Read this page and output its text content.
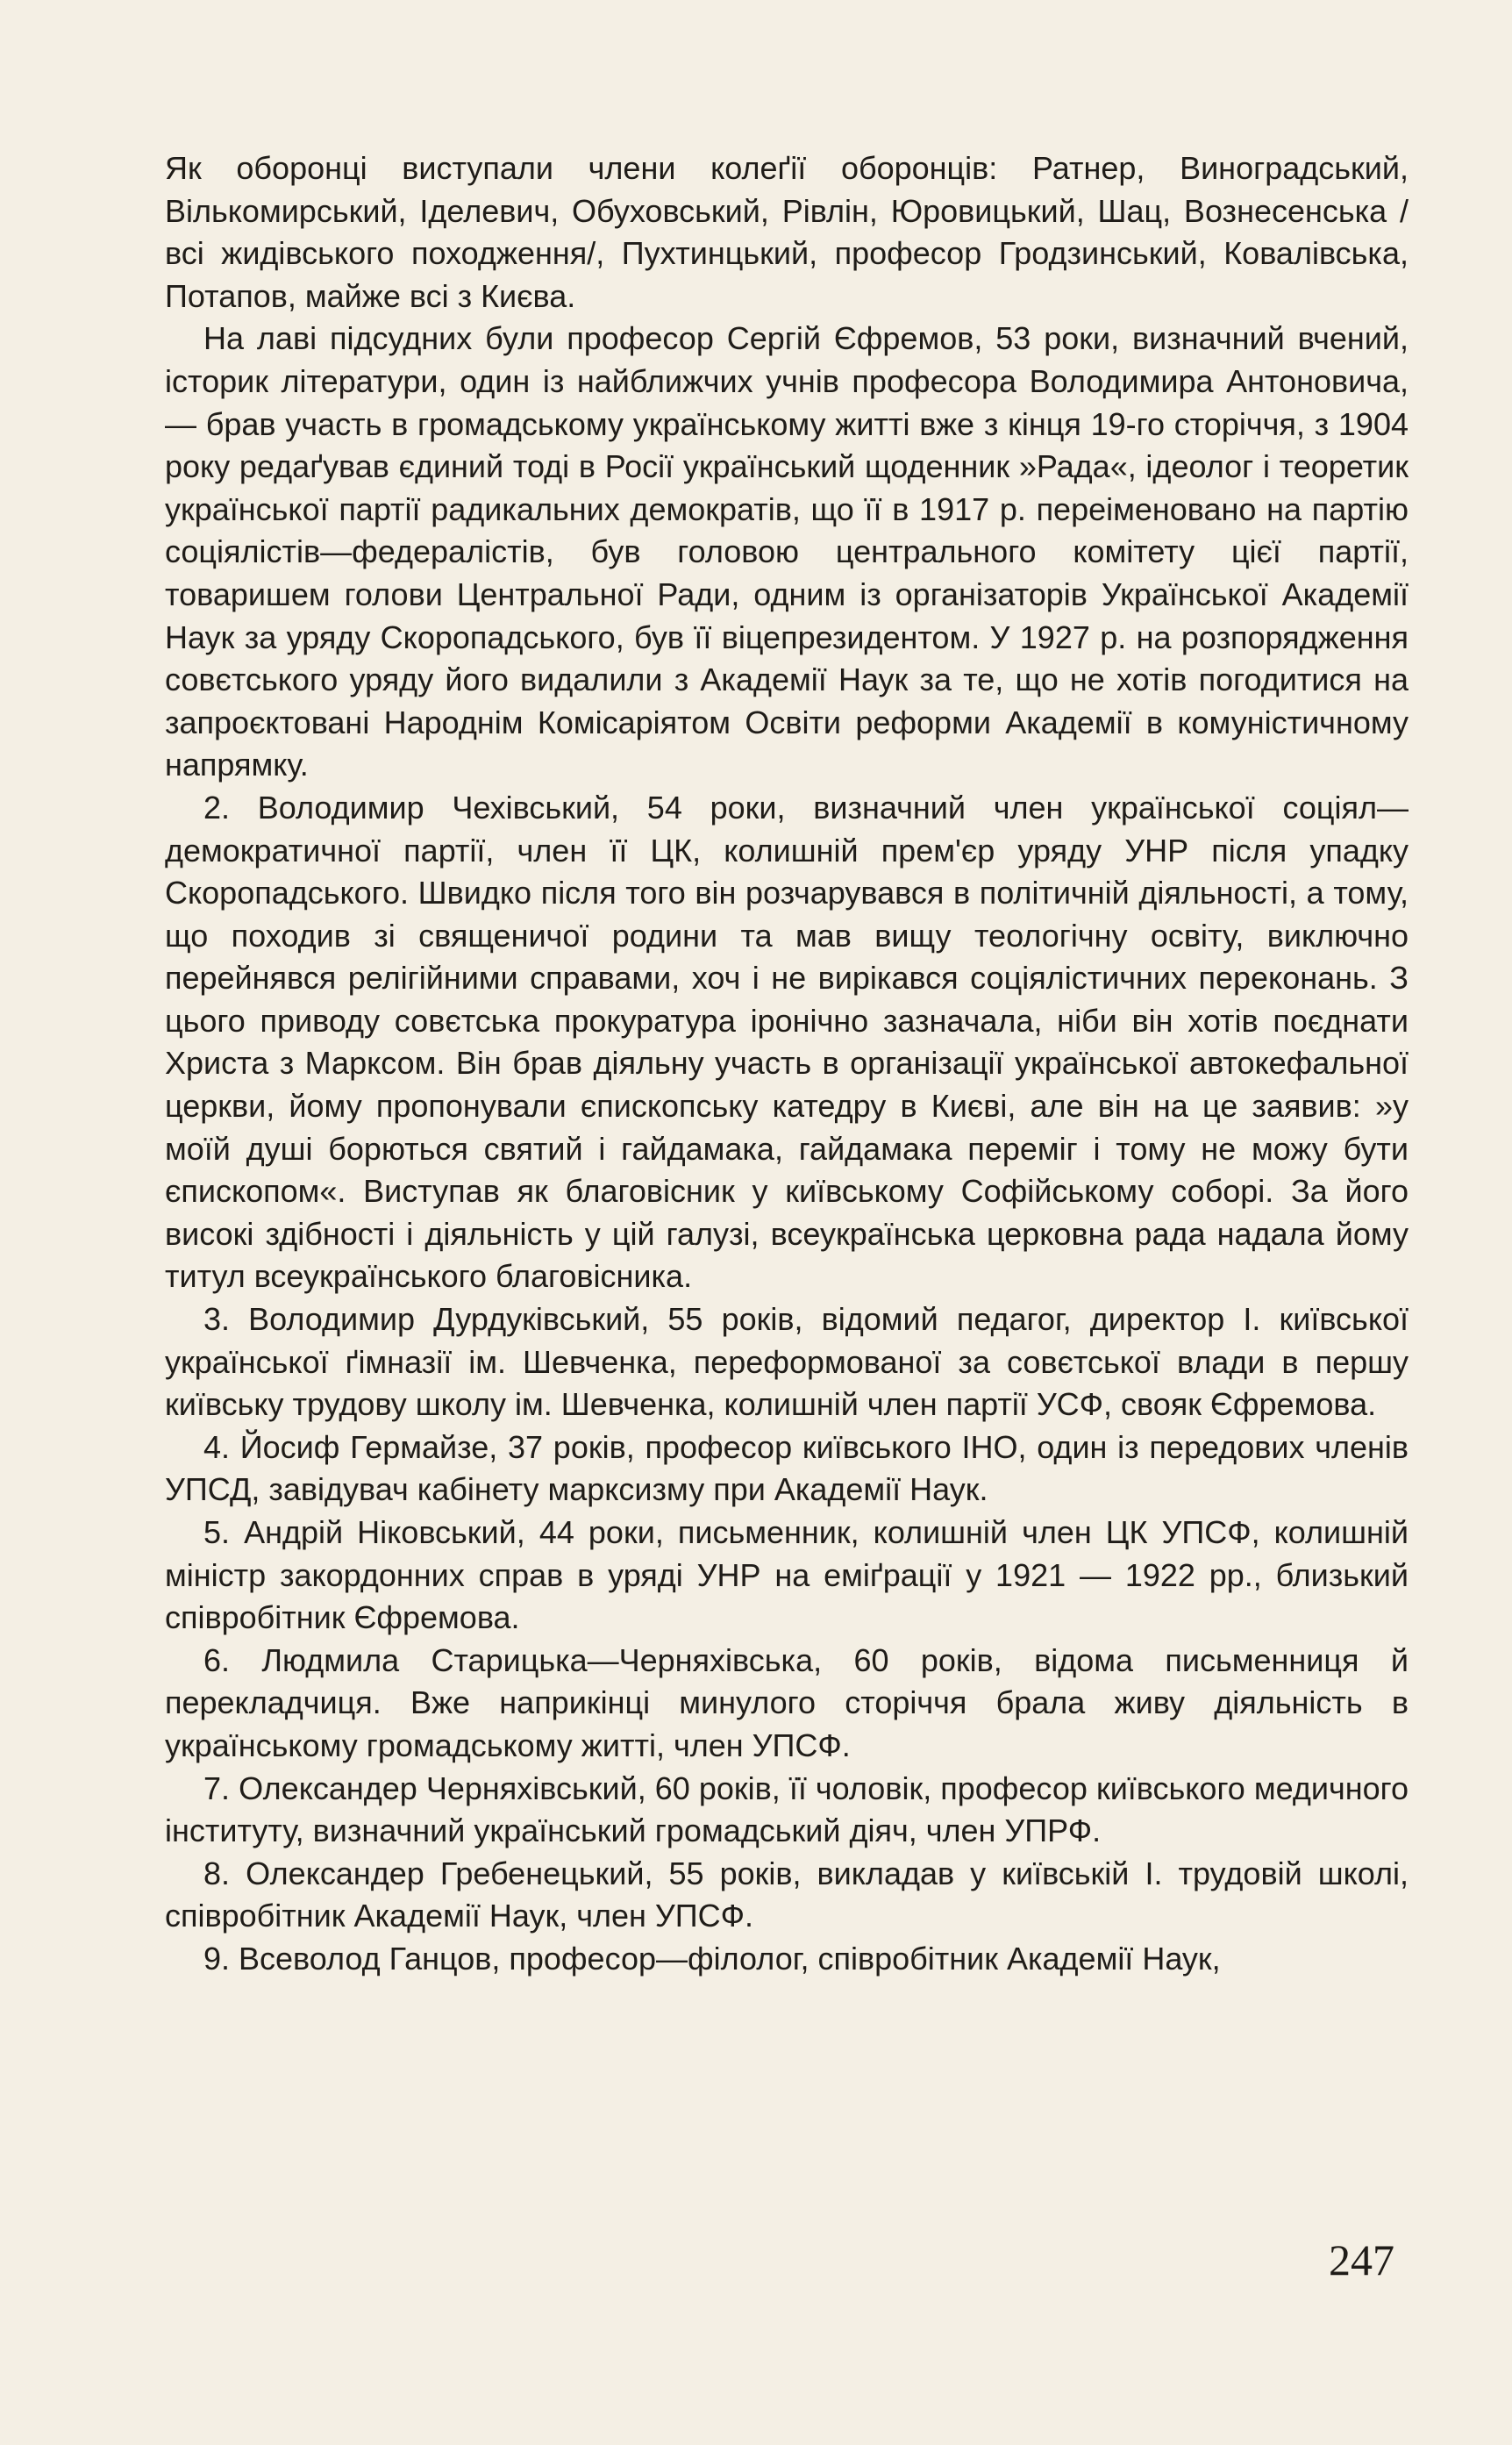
Як оборонці виступали члени колеґії оборонців: Ратнер, Виноградський, Вількомирський, Іделевич, Обуховський, Рівлін, Юровицький, Шац, Вознесенська /всі жидівського походження/, Пухтинцький, професор Гродзинський, Ковалівська, Потапов, майже всі з Києва.

На лаві підсудних були професор Сергій Єфремов, 53 роки, визначний вчений, історик літератури, один із найближчих учнів професора Володимира Антоновича, — брав участь в громадському українському житті вже з кінця 19-го сторіччя, з 1904 року редаґував єдиний тоді в Росії український щоденник »Рада«, ідеолог і теоретик української партії радикальних демократів, що її в 1917 р. переіменовано на партію соціялістів—федералістів, був головою центрального комітету цієї партії, товаришем голови Центральної Ради, одним із організаторів Української Академії Наук за уряду Скоропадського, був її віцепрезидентом. У 1927 р. на розпорядження совєтського уряду його видалили з Академії Наук за те, що не хотів погодитися на запроєктовані Народнім Комісаріятом Освіти реформи Академії в комуністичному напрямку.

2. Володимир Чехівський, 54 роки, визначний член української соціял—демократичної партії, член її ЦК, колишній прем'єр уряду УНР після упадку Скоропадського. Швидко після того він розчарувався в політичній діяльності, а тому, що походив зі священичої родини та мав вищу теологічну освіту, виключно перейнявся релігійними справами, хоч і не вирікався соціялістичних переконань. З цього приводу совєтська прокуратура іронічно зазначала, ніби він хотів поєднати Христа з Марксом. Він брав діяльну участь в організації української автокефальної церкви, йому пропонували єпископську катедру в Києві, але він на це заявив: »у моїй душі борються святий і гайдамака, гайдамака переміг і тому не можу бути єпископом«. Виступав як благовісник у київському Софійському соборі. За його високі здібності і діяльність у цій галузі, всеукраїнська церковна рада надала йому титул всеукраїнського благовісника.

3. Володимир Дурдуківський, 55 років, відомий педагог, директор І. київської української ґімназії ім. Шевченка, переформованої за совєтської влади в першу київську трудову школу ім. Шевченка, колишній член партії УСФ, свояк Єфремова.

4. Йосиф Гермайзе, 37 років, професор київського ІНО, один із передових членів УПСД, завідувач кабінету марксизму при Академії Наук.

5. Андрій Ніковський, 44 роки, письменник, колишній член ЦК УПСФ, колишній міністр закордонних справ в уряді УНР на еміґрації у 1921 — 1922 рр., близький співробітник Єфремова.

6. Людмила Старицька—Черняхівська, 60 років, відома письменниця й перекладчиця. Вже наприкінці минулого сторіччя брала живу діяльність в українському громадському житті, член УПСФ.

7. Олександер Черняхівський, 60 років, її чоловік, професор київського медичного інституту, визначний український громадський діяч, член УПРФ.

8. Олександер Гребенецький, 55 років, викладав у київській І. трудовій школі, співробітник Академії Наук, член УПСФ.

9. Всеволод Ганцов, професор—філолог, співробітник Академії Наук,

247
